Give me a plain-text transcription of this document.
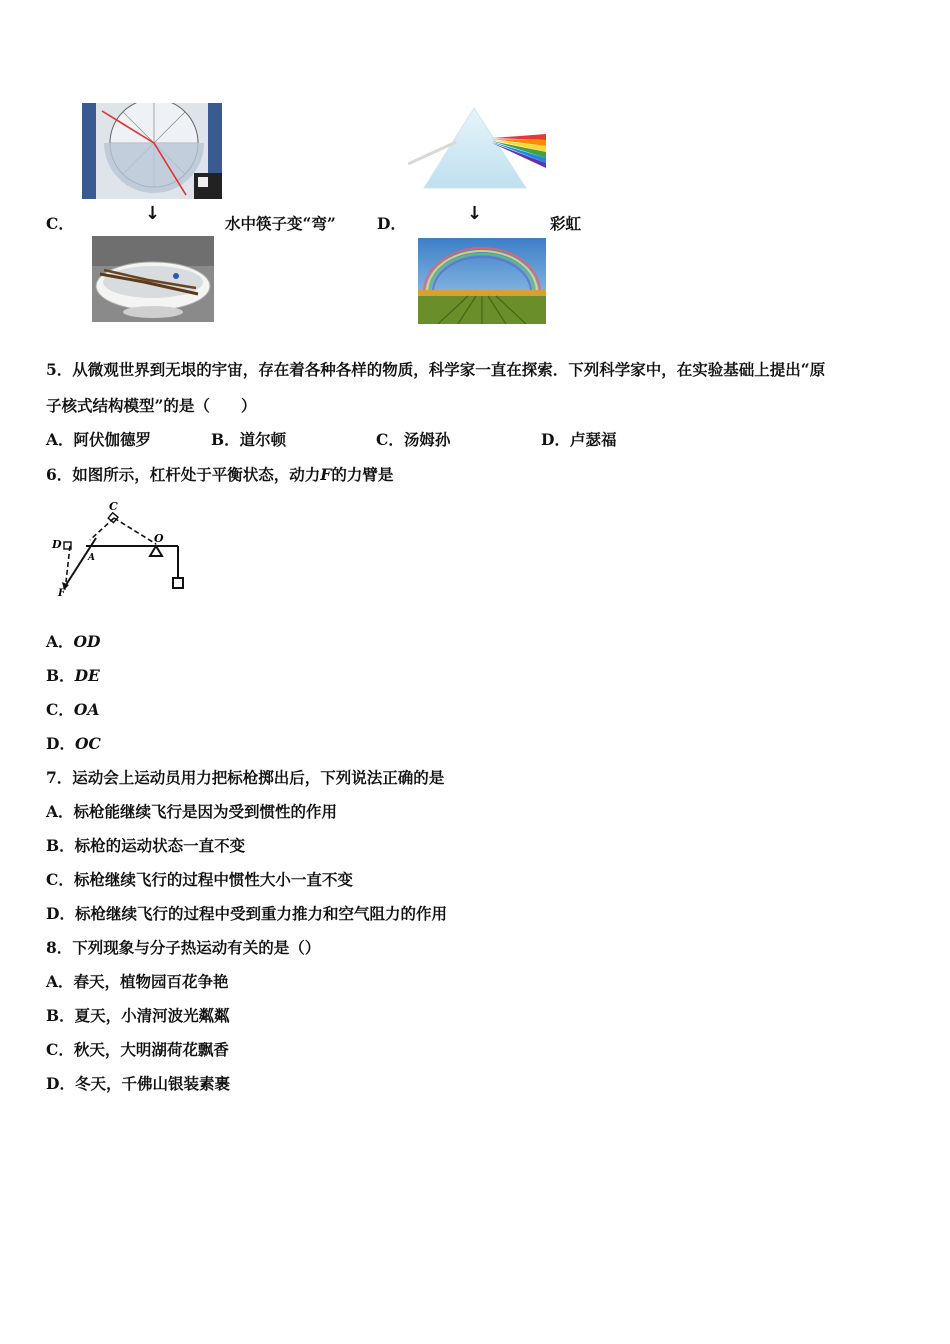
↓
C．	水中筷子变“弯”	↓
D．	彩虹
5．从微观世界到无垠的宇宙，存在着各种各样的物质，科学家一直在探索．下列科学家中，在实验基础上提出“原
子核式结构模型”的是（　　）
A．阿伏伽德罗	B．道尔顿	C．汤姆孙	D．卢瑟福
6．如图所示，杠杆处于平衡状态，动力F的力臂是
C
D	O
A
F
A．OD
B．DE
C．OA
D．OC
7．运动会上运动员用力把标枪掷出后，下列说法正确的是
A．标枪能继续飞行是因为受到惯性的作用
B．标枪的运动状态一直不变
C．标枪继续飞行的过程中惯性大小一直不变
D．标枪继续飞行的过程中受到重力推力和空气阻力的作用
8．下列现象与分子热运动有关的是（）
A．春天，植物园百花争艳
B．夏天，小清河波光粼粼
C．秋天，大明湖荷花飘香
D．冬天，千佛山银装素裹
